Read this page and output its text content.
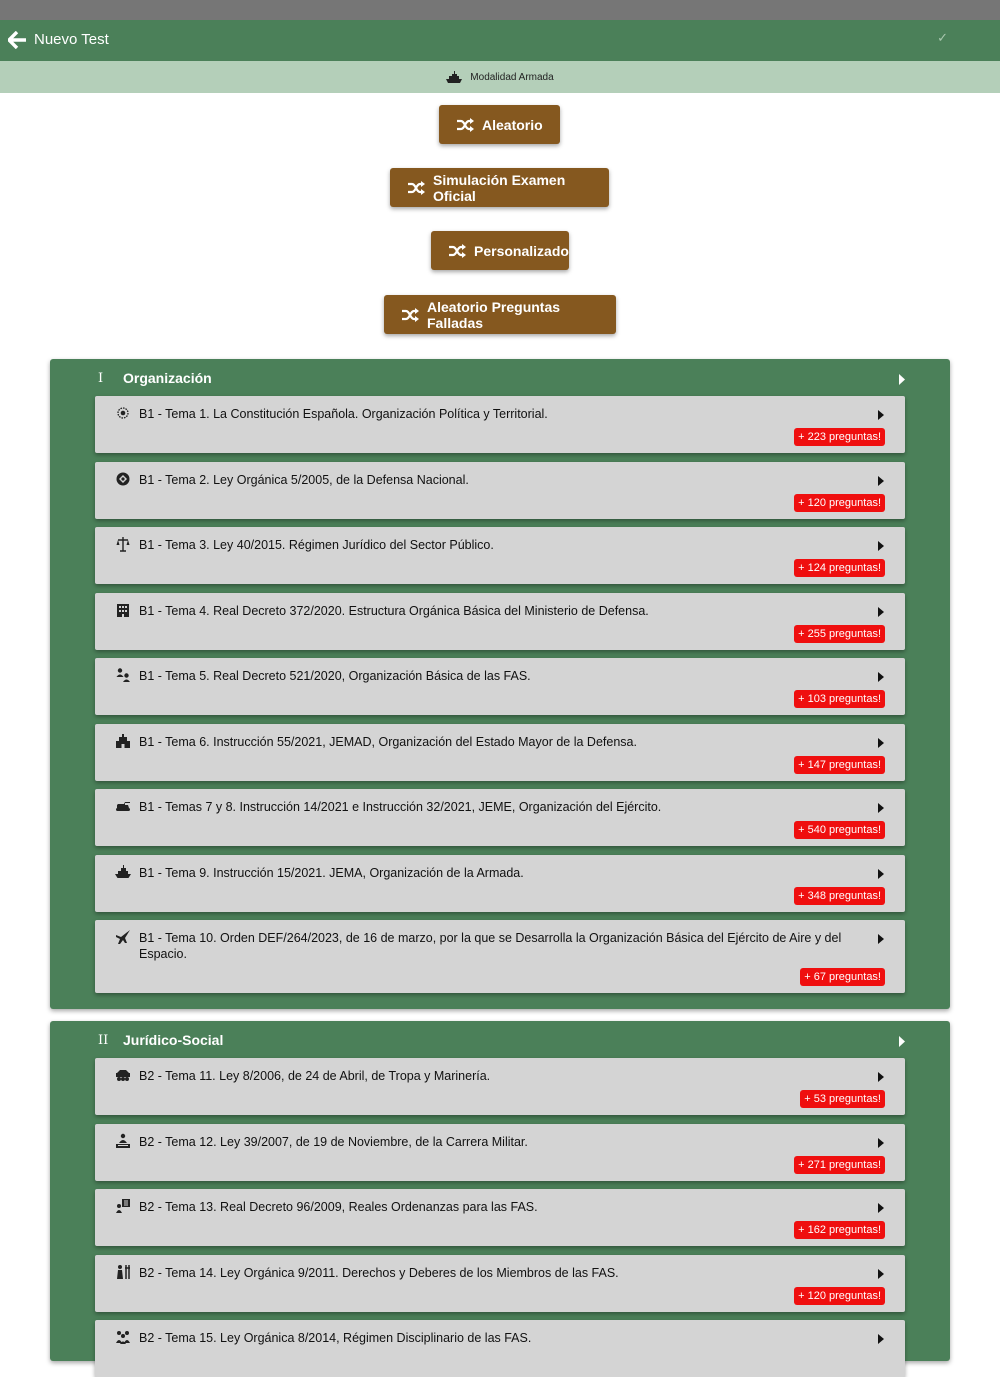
Nuevo Test	✓
Modalidad Armada
Aleatorio
Simulación Examen Oficial
Personalizado
Aleatorio Preguntas Falladas
I Organización
B1 - Tema 1. La Constitución Española. Organización Política y Territorial.
+ 223 preguntas!
B1 - Tema 2. Ley Orgánica 5/2005, de la Defensa Nacional.
+ 120 preguntas!
B1 - Tema 3. Ley 40/2015. Régimen Jurídico del Sector Público.
+ 124 preguntas!
B1 - Tema 4. Real Decreto 372/2020. Estructura Orgánica Básica del Ministerio de Defensa.
+ 255 preguntas!
B1 - Tema 5. Real Decreto 521/2020, Organización Básica de las FAS.
+ 103 preguntas!
B1 - Tema 6. Instrucción 55/2021, JEMAD, Organización del Estado Mayor de la Defensa.
+ 147 preguntas!
B1 - Temas 7 y 8. Instrucción 14/2021 e Instrucción 32/2021, JEME, Organización del Ejército.
+ 540 preguntas!
B1 - Tema 9. Instrucción 15/2021. JEMA, Organización de la Armada.
+ 348 preguntas!
B1 - Tema 10. Orden DEF/264/2023, de 16 de marzo, por la que se Desarrolla la Organización Básica del Ejército de Aire y del Espacio.
+ 67 preguntas!
II Jurídico-Social
B2 - Tema 11. Ley 8/2006, de 24 de Abril, de Tropa y Marinería.
+ 53 preguntas!
B2 - Tema 12. Ley 39/2007, de 19 de Noviembre, de la Carrera Militar.
+ 271 preguntas!
B2 - Tema 13. Real Decreto 96/2009, Reales Ordenanzas para las FAS.
+ 162 preguntas!
B2 - Tema 14. Ley Orgánica 9/2011. Derechos y Deberes de los Miembros de las FAS.
+ 120 preguntas!
B2 - Tema 15. Ley Orgánica 8/2014, Régimen Disciplinario de las FAS.
